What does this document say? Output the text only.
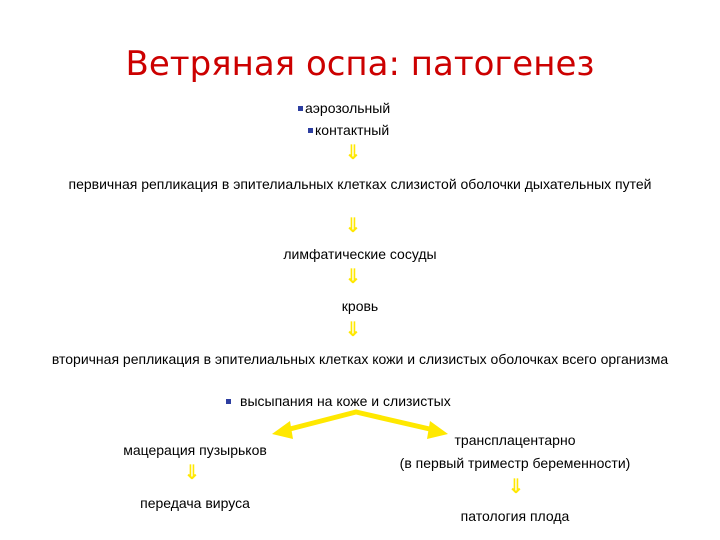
Ветряная оспа: патогенез
аэрозольный
контактный
⇓
первичная репликация в эпителиальных клетках слизистой оболочки дыхательных путей
⇓
лимфатические сосуды
⇓
кровь
⇓
вторичная репликация в эпителиальных клетках кожи и слизистых оболочках всего организма
высыпания на коже и слизистых
мацерация пузырьков
⇓
передача вируса
трансплацентарно
(в первый триместр беременности)
⇓
патология плода
